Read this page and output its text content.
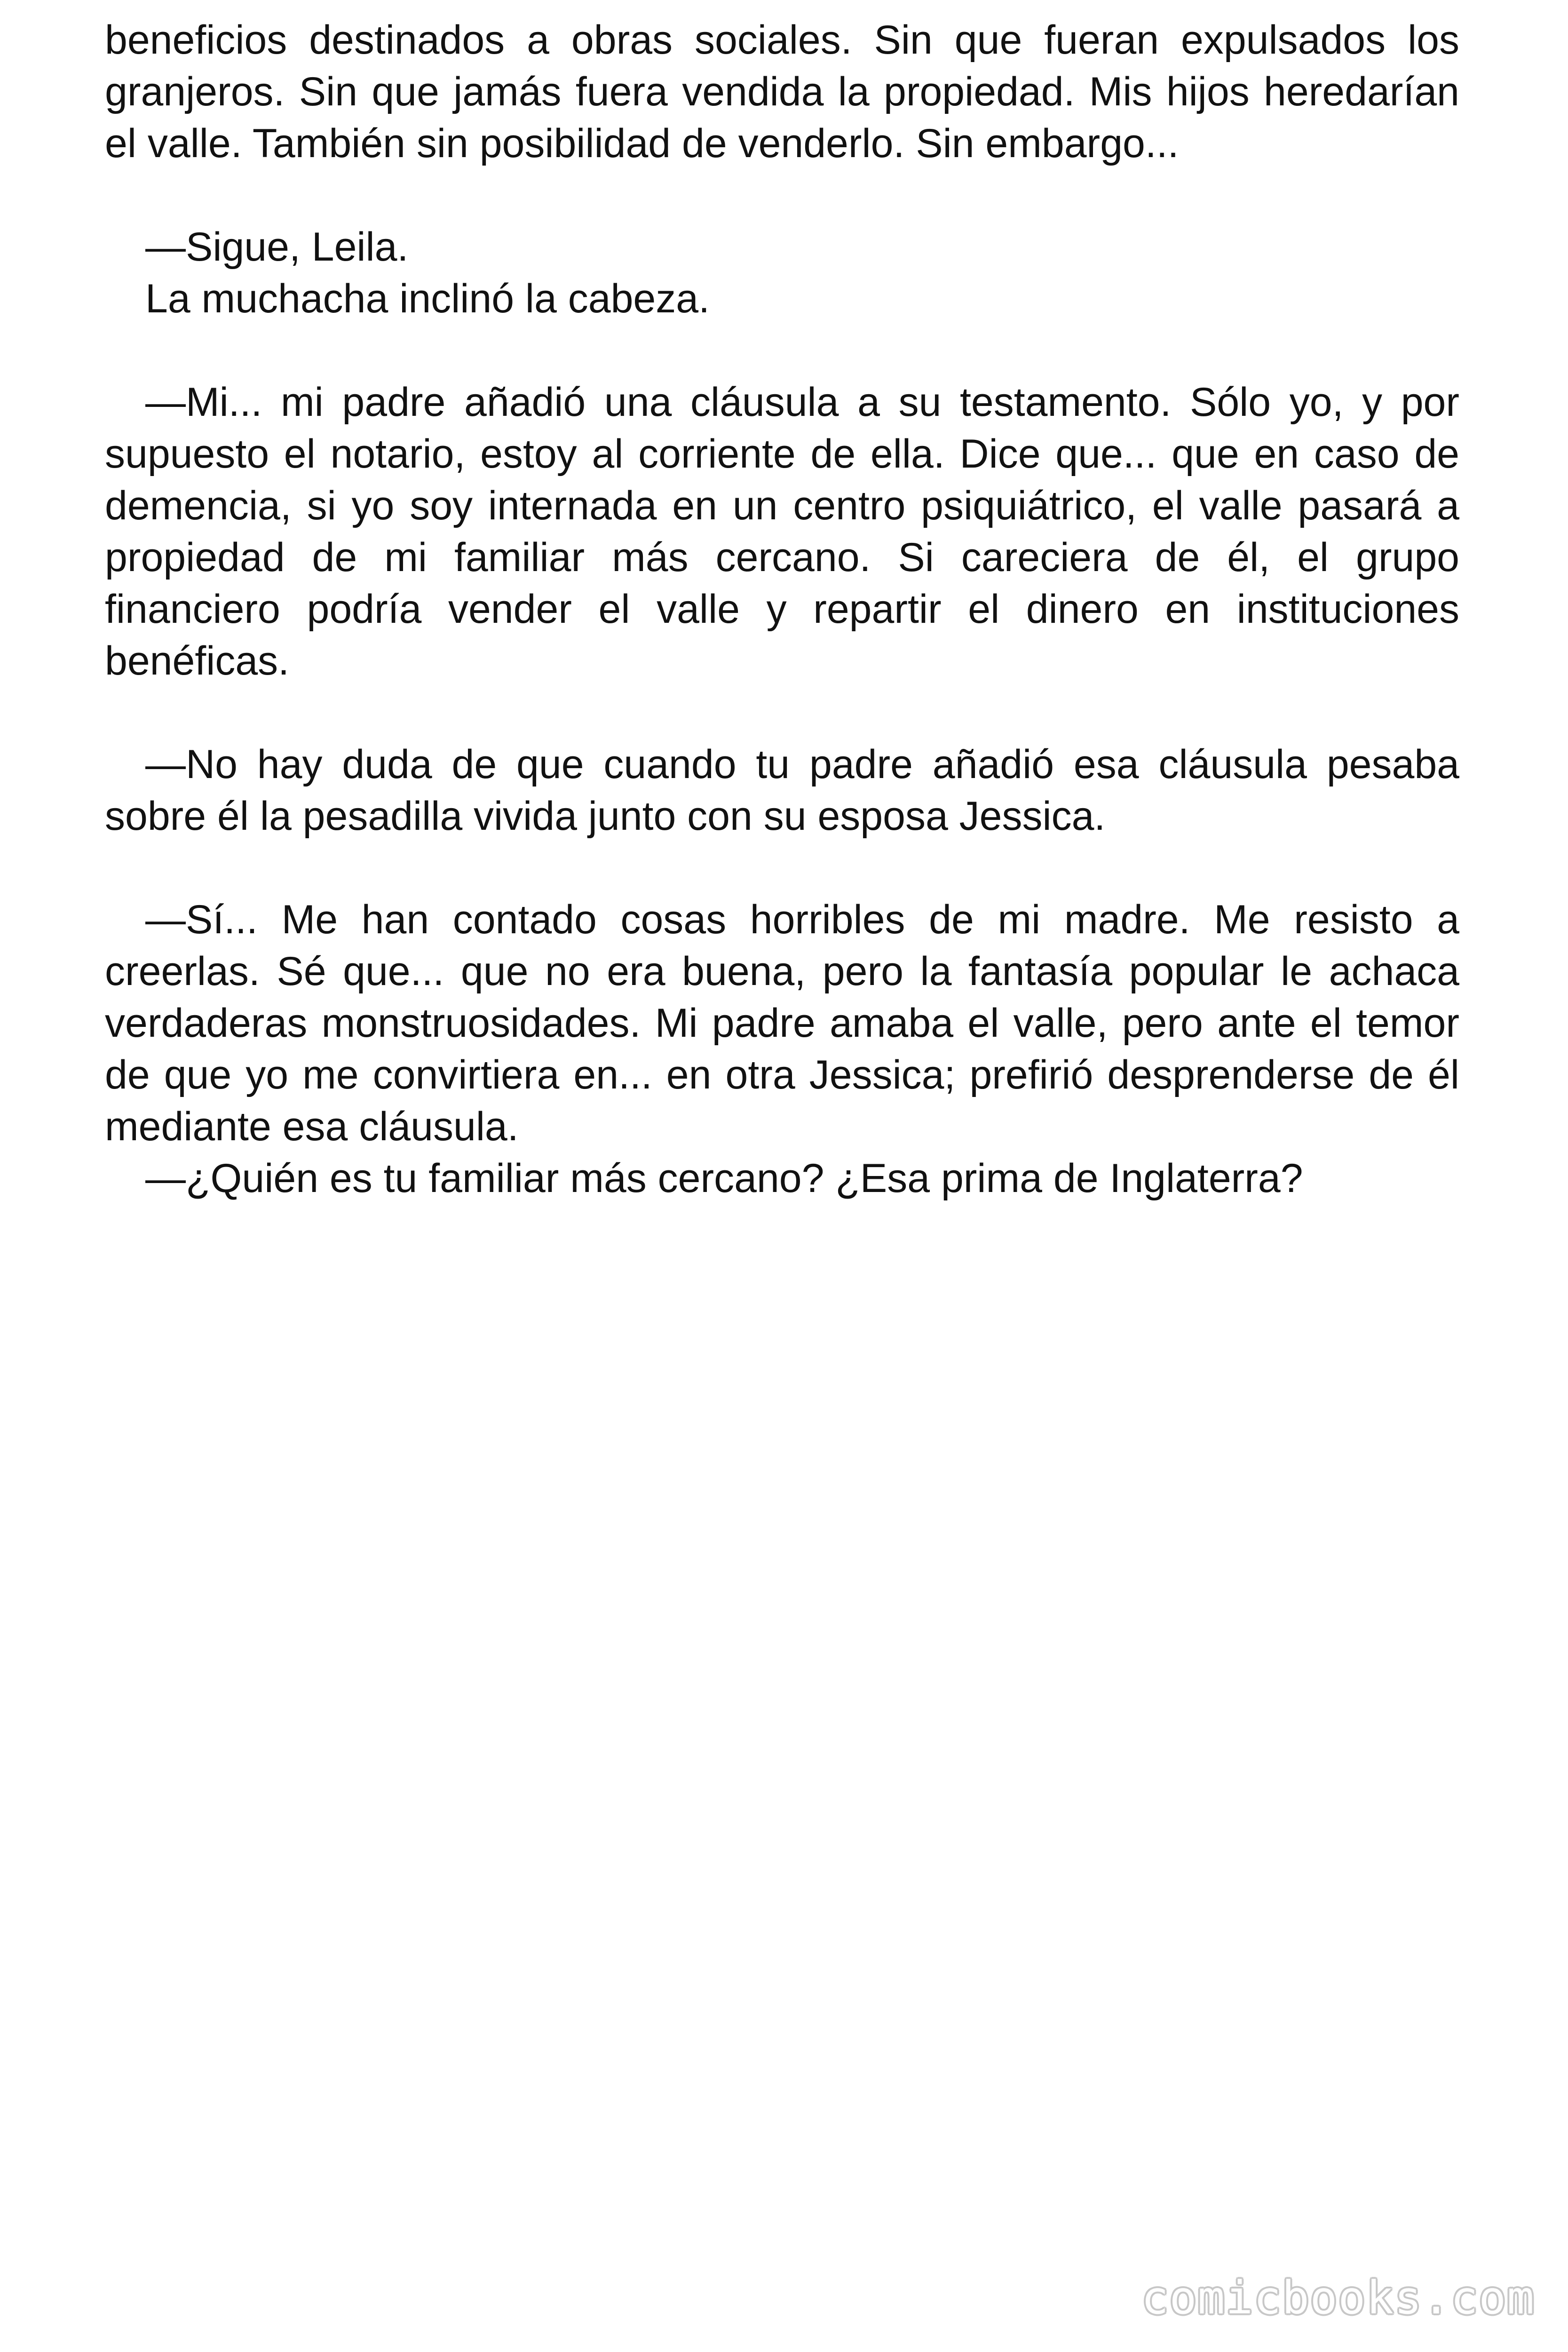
beneficios destinados a obras sociales. Sin que fueran expulsados los granjeros. Sin que jamás fuera vendida la propiedad. Mis hijos heredarían el valle. También sin posibilidad de venderlo. Sin embargo...

—Sigue, Leila.

La muchacha inclinó la cabeza.

—Mi... mi padre añadió una cláusula a su testamento. Sólo yo, y por supuesto el notario, estoy al corriente de ella. Dice que... que en caso de demencia, si yo soy internada en un centro psiquiátrico, el valle pasará a propiedad de mi familiar más cercano. Si careciera de él, el grupo financiero podría vender el valle y repartir el dinero en instituciones benéficas.

—No hay duda de que cuando tu padre añadió esa cláusula pesaba sobre él la pesadilla vivida junto con su esposa Jessica.

—Sí... Me han contado cosas horribles de mi madre. Me resisto a creerlas. Sé que... que no era buena, pero la fantasía popular le achaca verdaderas monstruosidades. Mi padre amaba el valle, pero ante el temor de que yo me convirtiera en... en otra Jessica; prefirió desprenderse de él mediante esa cláusula.

—¿Quién es tu familiar más cercano? ¿Esa prima de Inglaterra?

comicbooks.com
